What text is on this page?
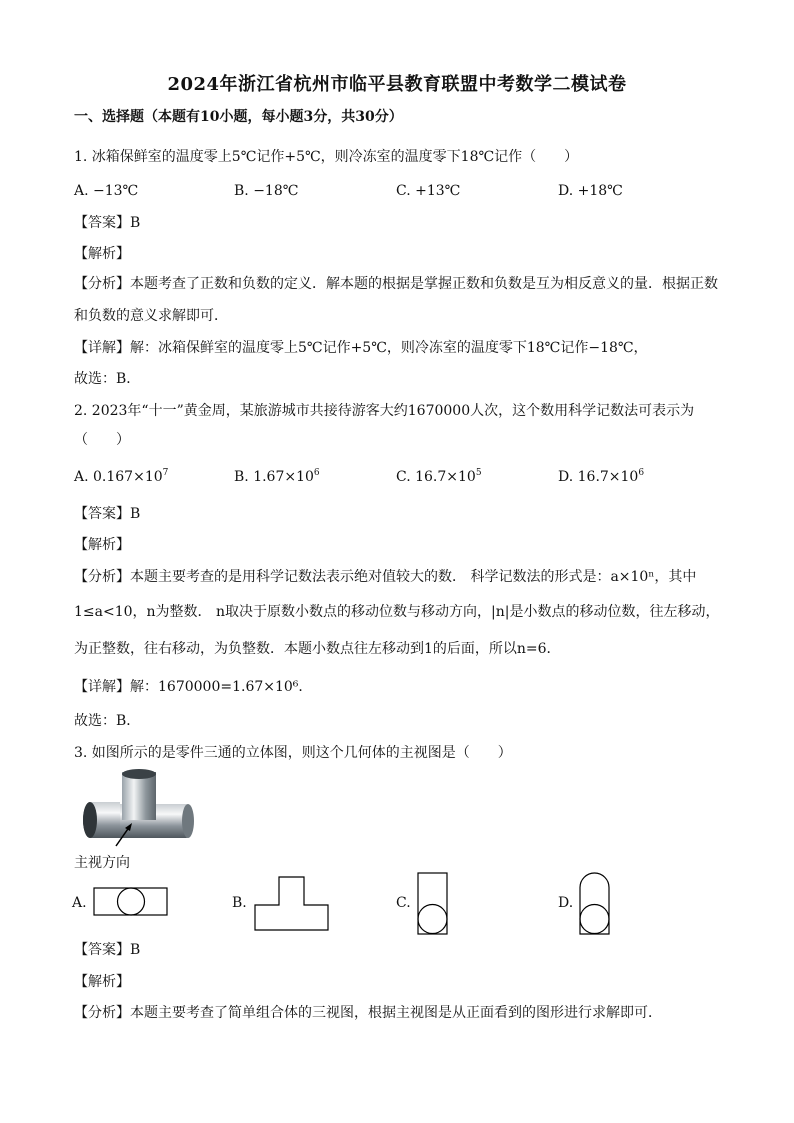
2024年浙江省杭州市临平县教育联盟中考数学二模试卷
一、选择题（本题有10小题，每小题3分，共30分）
1. 冰箱保鲜室的温度零上5℃记作+5℃，则冷冻室的温度零下18℃记作（　　）
A. −13℃	B. −18℃	C. +13℃	D. +18℃
【答案】B
【解析】
【分析】本题考查了正数和负数的定义．解本题的根据是掌握正数和负数是互为相反意义的量．根据正数
和负数的意义求解即可．
【详解】解：冰箱保鲜室的温度零上5℃记作+5℃，则冷冻室的温度零下18℃记作−18℃，
故选：B．
2. 2023年“十一”黄金周，某旅游城市共接待游客大约1670000人次，这个数用科学记数法可表示为
（　　）
A. $0.167\times 10^7$	B. $1.67\times 10^6$	C. $16.7\times 10^5$	D. $16.7\times 10^6$
【答案】B
【解析】
【分析】本题主要考查的是用科学记数法表示绝对值较大的数． 科学记数法的形式是：a×10ⁿ，其中
1≤a<10，n为整数． n取决于原数小数点的移动位数与移动方向，|n|是小数点的移动位数，往左移动，
为正整数，往右移动，为负整数．本题小数点往左移动到1的后面，所以n=6．
【详解】解：1670000=1.67×10⁶．
故选：B．
3. 如图所示的是零件三通的立体图，则这个几何体的主视图是（　　）
主视方向
A.	B.	C.	D.
【答案】B
【解析】
【分析】本题主要考查了简单组合体的三视图，根据主视图是从正面看到的图形进行求解即可．
